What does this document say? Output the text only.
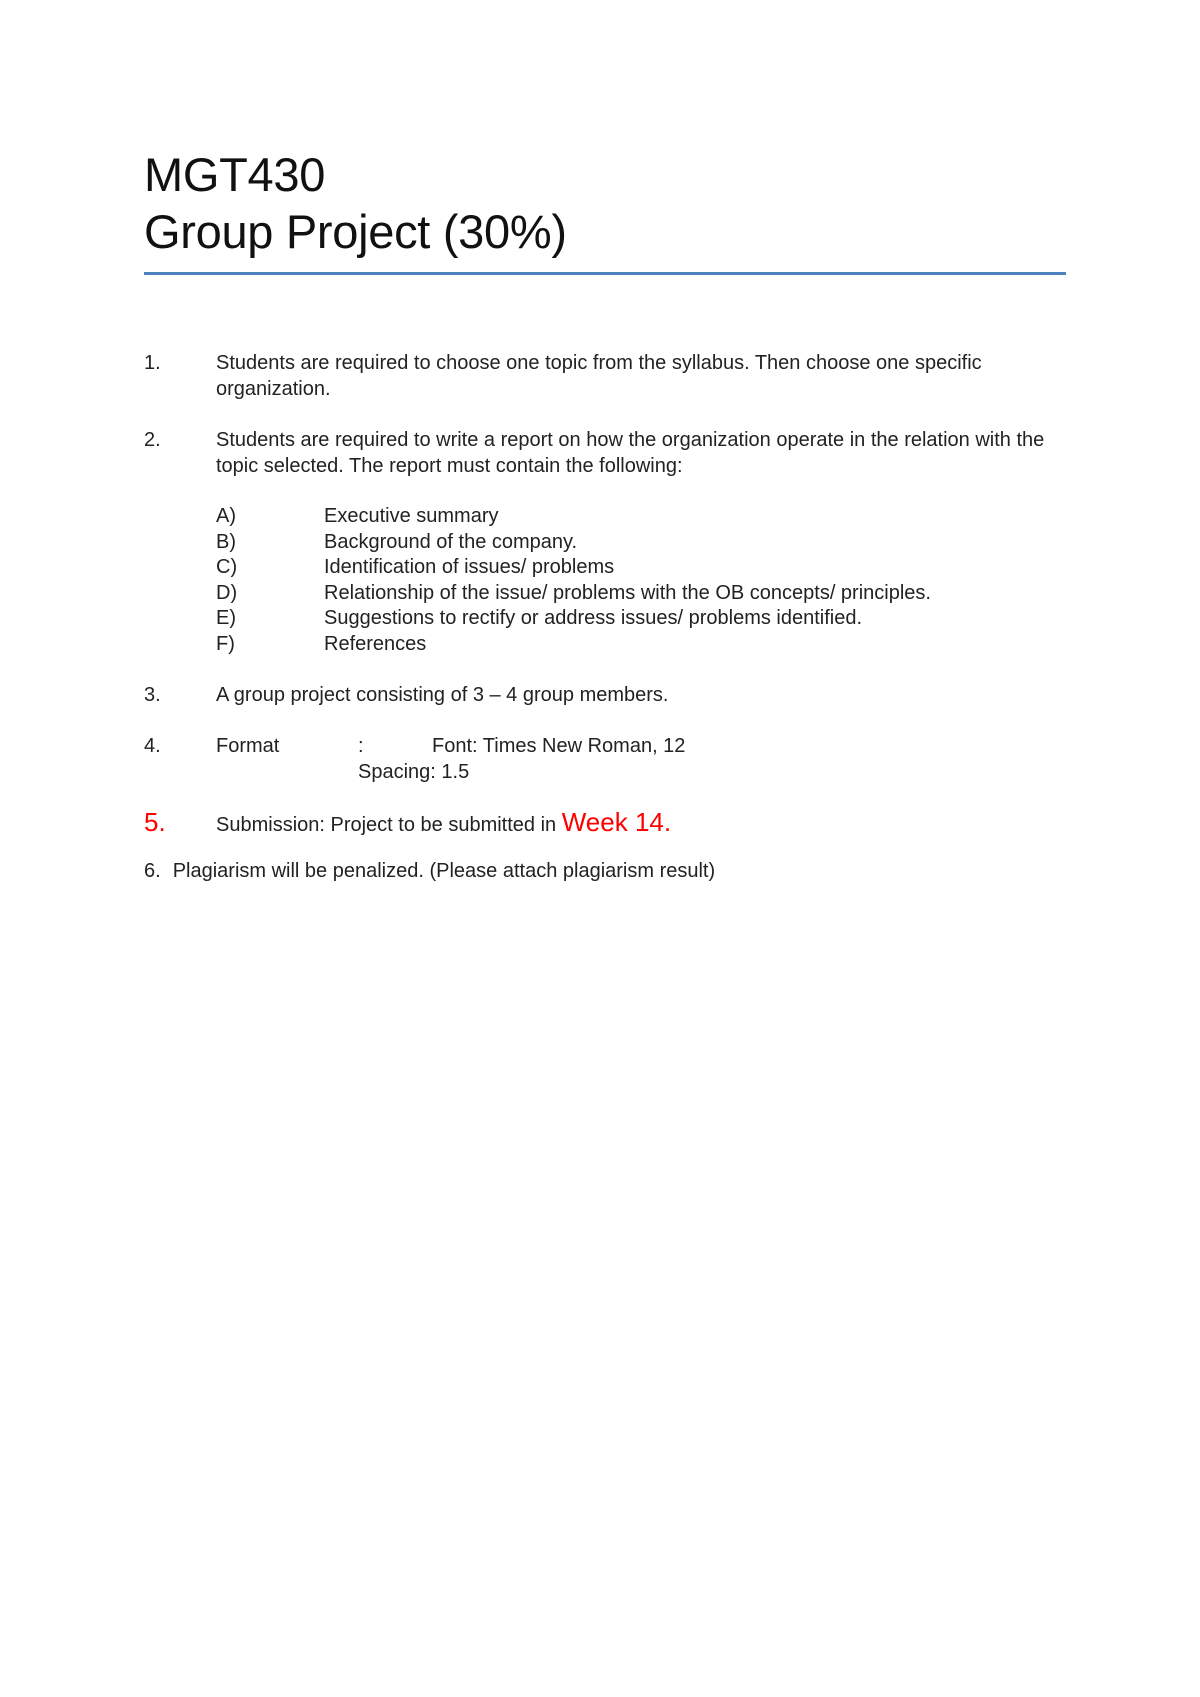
MGT430
Group Project (30%)
1.	Students are required to choose one topic from the syllabus. Then choose one specific organization.
2.	Students are required to write a report on how the organization operate in the relation with the topic selected. The report must contain the following:
A)	Executive summary
B)	Background of the company.
C)	Identification of issues/ problems
D)	Relationship of the issue/ problems with the OB concepts/ principles.
E)	Suggestions to rectify or address issues/ problems identified.
F)	References
3.	A group project consisting of 3 – 4 group members.
4.	Format	:	Font: Times New Roman, 12
Spacing: 1.5
5.	Submission: Project to be submitted in Week 14.
6. Plagiarism will be penalized. (Please attach plagiarism result)
